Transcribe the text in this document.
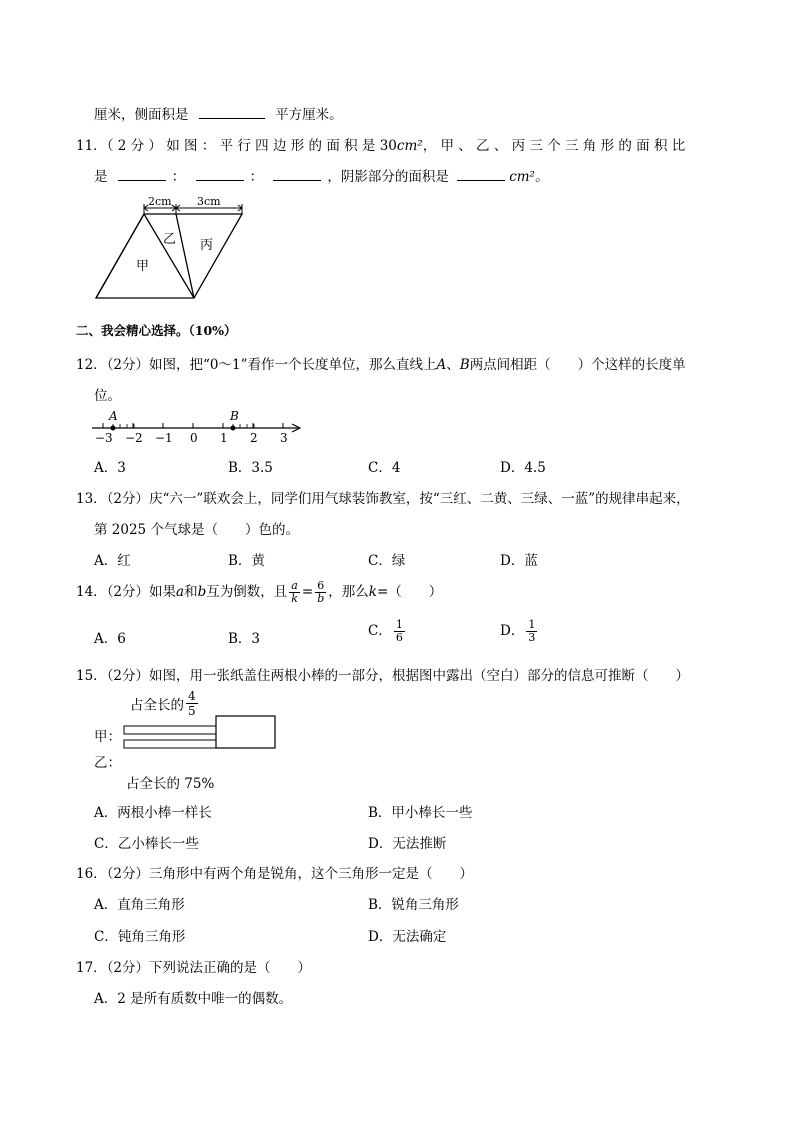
厘米，侧面积是	平方厘米。
11．（ 2 分 ） 如 图 ： 平 行 四 边 形 的 面 积 是 30cm²， 甲 、 乙 、 丙 三 个 三 角 形 的 面 积 比
是	：	：	，阴影部分的面积是	cm²。
2cm 3cm
甲
乙 丙
二、我会精心选择。（10%）
12．（2分）如图，把“0～1”看作一个长度单位，那么直线上A、B两点间相距（　　）个这样的长度单
位。
−3 −2 −1 0 1 2 3
A	B
A．3	B．3.5	C．4	D．4.5
13．（2分）庆“六一”联欢会上，同学们用气球装饰教室，按“三红、二黄、三绿、一蓝”的规律串起来，
第 2025 个气球是（　　）色的。
A．红	B．黄	C．绿	D．蓝
14．（2分）如果a和b互为倒数，且 $\frac{a}{k} = \frac{6}{b}$ ，那么k=（　　）
A．6	B．3	C． $\frac{1}{6}$	D． $\frac{1}{3}$
15．（2分）如图，用一张纸盖住两根小棒的一部分，根据图中露出（空白）部分的信息可推断（　　）
占全长的 $\frac{4}{5}$
甲：
乙：
占全长的 75%
A．两根小棒一样长	B．甲小棒长一些
C．乙小棒长一些	D．无法推断
16．（2分）三角形中有两个角是锐角，这个三角形一定是（　　）
A．直角三角形	B．锐角三角形
C．钝角三角形	D．无法确定
17．（2分）下列说法正确的是（　　）
A．2 是所有质数中唯一的偶数。
